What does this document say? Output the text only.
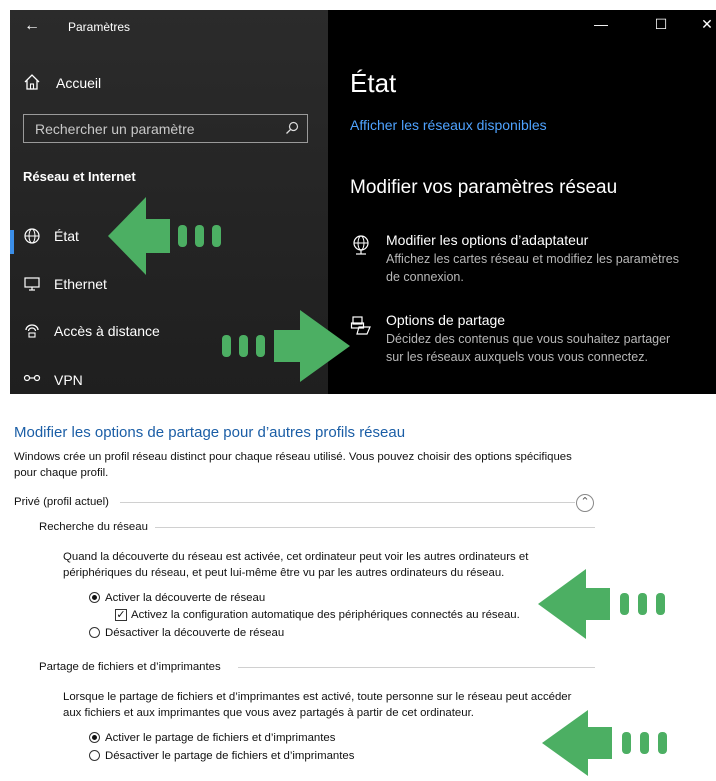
← Paramètres
Accueil
Rechercher un paramètre
Réseau et Internet
État
Ethernet
Accès à distance
VPN
—	☐	✕
État
Afficher les réseaux disponibles
Modifier vos paramètres réseau
Modifier les options d’adaptateur
Affichez les cartes réseau et modifiez les paramètres
de connexion.
Options de partage
Décidez des contenus que vous souhaitez partager
sur les réseaux auxquels vous vous connectez.
Modifier les options de partage pour d’autres profils réseau
Windows crée un profil réseau distinct pour chaque réseau utilisé. Vous pouvez choisir des options spécifiques
pour chaque profil.
Privé (profil actuel)	⌃
Recherche du réseau
Quand la découverte du réseau est activée, cet ordinateur peut voir les autres ordinateurs et
périphériques du réseau, et peut lui-même être vu par les autres ordinateurs du réseau.
Activer la découverte de réseau
✓ Activez la configuration automatique des périphériques connectés au réseau.
Désactiver la découverte de réseau
Partage de fichiers et d’imprimantes
Lorsque le partage de fichiers et d’imprimantes est activé, toute personne sur le réseau peut accéder
aux fichiers et aux imprimantes que vous avez partagés à partir de cet ordinateur.
Activer le partage de fichiers et d’imprimantes
Désactiver le partage de fichiers et d’imprimantes
